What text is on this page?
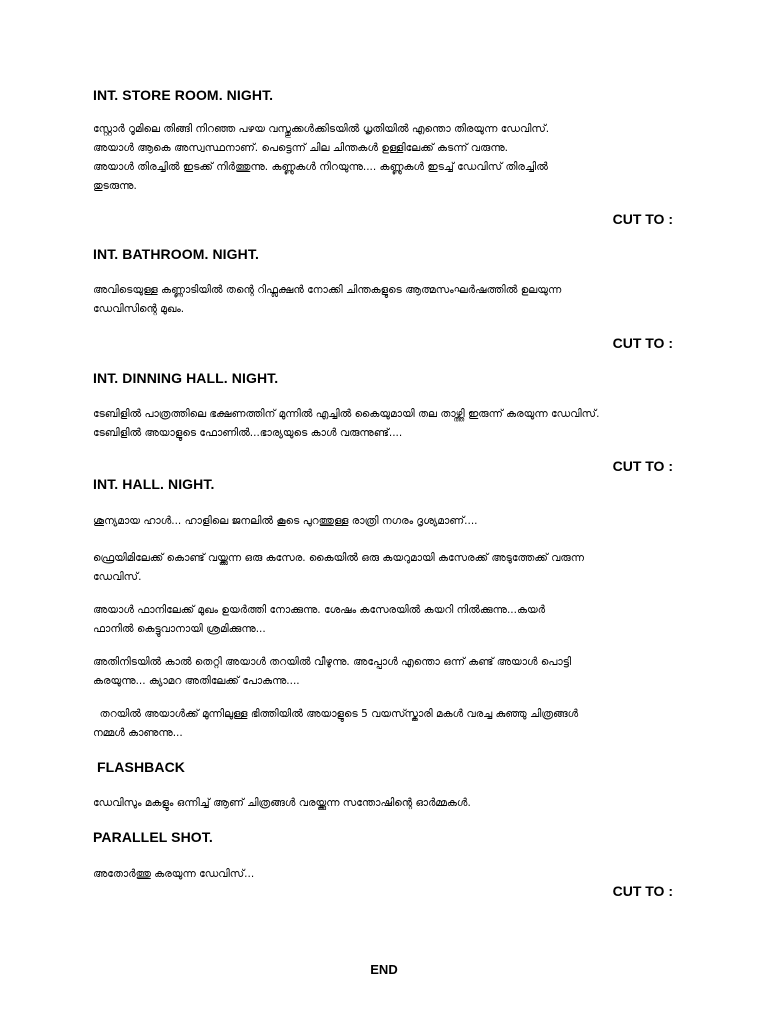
INT. STORE ROOM. NIGHT.

സ്റ്റോർ റൂമിലെ തിങ്ങി നിറഞ്ഞ പഴയ വസ്തുക്കൾക്കിടയിൽ ധൃതിയിൽ എന്തൊ തിരയുന്ന ഡേവിസ്.

അയാൾ ആകെ അസ്വസ്ഥനാണ്. പെട്ടെന്ന് ചില ചിന്തകൾ ഉള്ളിലേക്ക് കടന്ന് വരുന്നു.

അയാൾ തിരച്ചിൽ ഇടക്ക് നിർത്തുന്നു. കണ്ണുകൾ നിറയുന്നു.... കണ്ണുകൾ ഇടച്ച് ഡേവിസ് തിരച്ചിൽ

തുടരുന്നു.

CUT TO :
INT. BATHROOM. NIGHT.

അവിടെയുള്ള കണ്ണാടിയിൽ തന്റെ റിഫ്ലക്ഷൻ നോക്കി ചിന്തകളുടെ ആത്മസംഘർഷത്തിൽ ഉലയുന്ന

ഡേവിസിന്റെ മുഖം.

CUT TO :
INT. DINNING HALL. NIGHT.

ടേബിളിൽ പാത്രത്തിലെ ഭക്ഷണത്തിന് മുന്നിൽ എച്ചിൽ കൈയുമായി തല താഴ്ത്തി ഇരുന്ന് കരയുന്ന ഡേവിസ്.

ടേബിളിൽ അയാളുടെ ഫോണിൽ...ഭാര്യയുടെ കാൾ വരുന്നുണ്ട്....

CUT TO :
INT. HALL. NIGHT.

ശൂന്യമായ ഹാൾ... ഹാളിലെ ജനലിൽ കൂടെ പുറത്തുള്ള രാത്രി നഗരം ദൃശ്യമാണ്....

ഫ്രെയിമിലേക്ക് കൊണ്ട് വയ്ക്കുന്ന ഒരു കസേര. കൈയിൽ ഒരു കയറുമായി കസേരക്ക് അടുത്തേക്ക് വരുന്ന

ഡേവിസ്.

അയാൾ ഫാനിലേക്ക് മുഖം ഉയർത്തി നോക്കുന്നു. ശേഷം കസേരയിൽ കയറി നിൽക്കുന്നു...കയർ

ഫാനിൽ കെട്ടുവാനായി ശ്രമിക്കുന്നു...

അതിനിടയിൽ കാൽ തെറ്റി അയാൾ തറയിൽ വീഴുന്നു. അപ്പോൾ എന്തൊ ഒന്ന് കണ്ട് അയാൾ പൊട്ടി

കരയുന്നു... ക്യാമറ അതിലേക്ക് പോകുന്നു....

തറയിൽ അയാൾക്ക് മുന്നിലുള്ള ഭിത്തിയിൽ അയാളുടെ 5 വയസ്സ്കാരി മകൾ വരച്ച കുഞ്ഞു ചിത്രങ്ങൾ

നമ്മൾ കാണുന്നു...

FLASHBACK

ഡേവിസും മകളും ഒന്നിച്ച് ആണ് ചിത്രങ്ങൾ വരയ്ക്കുന്ന സന്തോഷിന്റെ ഓർമ്മകൾ.

PARALLEL SHOT.

അതോർത്തു കരയുന്ന ഡേവിസ്...

CUT TO :
END
